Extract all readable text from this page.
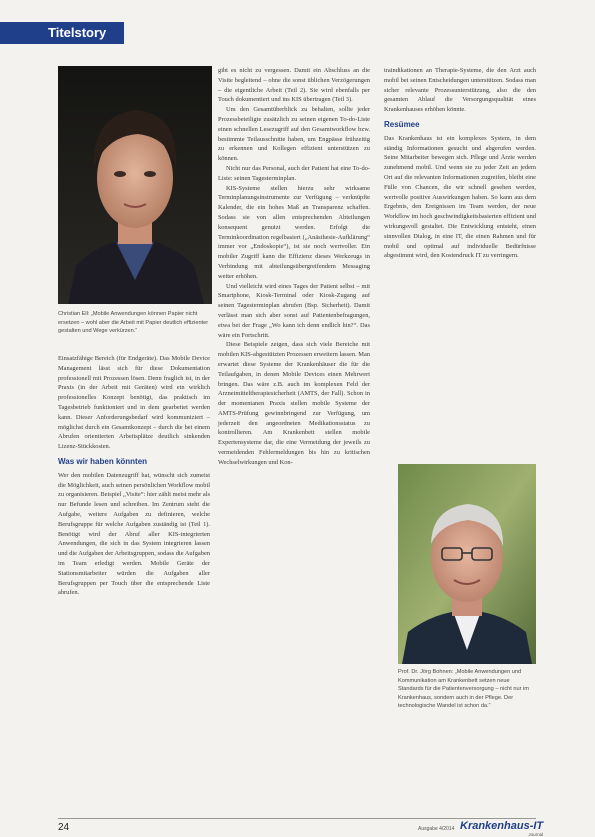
Titelstory
Christian Ell: „Mobile Anwendungen können Papier nicht ersetzen – wohl aber die Arbeit mit Papier deutlich effizienter gestalten und Wege verkürzen.“

Einsatzfähige Bereich (für Endgeräte). Das Mobile Device Management lässt sich für diese Dokumentation professionell mit Prozessen lösen. Denn fraglich ist, in der Praxis (in der Arbeit mit Geräten) wird ein wirklich professionelles Konzept benötigt, das praktisch im Tagesbetrieb funktioniert und in dem gearbeitet werden kann. Dieser Anforderungsbedarf wird kommuniziert – möglichst durch ein Gesamtkonzept – durch die bei einem Abrufen orientierten Arbeitsplätze deutlich sinkenden Lizenz-Stückkosten.

Was wir haben könnten

Wer den mobilen Datenzugriff hat, wünscht sich zumeist die Möglichkeit, auch seinen persönlichen Workflow mobil zu organisieren. Beispiel „Visite“: hier zählt meist mehr als nur Befunde lesen und schreiben. Im Zentrum steht die Aufgabe, weitere Aufgaben zu definieren, welche Berufsgruppe für welche Aufgaben zuständig ist (Teil 1). Benötigt wird der Abruf aller KIS-integrierten Anwendungen, die sich in das System integrieren lassen und die Aufgaben der Arbeitsgruppen, sodass die Aufgaben im Team erledigt werden. Mobile Geräte der Stationsmitarbeiter würden die Aufgaben aller Berufsgruppen per Touch über die entsprechende Liste abrufen.

gibt es nicht zu vergessen. Damit ein Abschluss an die Visite begleitend – ohne die sonst üblichen Verzögerungen – die eigentliche Arbeit (Teil 2). Sie wird ebenfalls per Touch dokumentiert und ins KIS übertragen (Teil 3).

Um den Gesamtüberblick zu behalten, sollte jeder Prozessbeteiligte zusätzlich zu seinen eigenen To-do-Liste einen schnellen Lesezugriff auf den Gesamtworkflow bzw. bestimmte Teilausschnitte haben, um Engpässe frühzeitig zu erkennen und Kollegen effizient unterstützen zu können.

Nicht nur das Personal, auch der Patient hat eine To-do-Liste: seinen Tagesterminplan.

KIS-Systeme stellen hierzu sehr wirksame Terminplanungsinstrumente zur Verfügung – verknüpfte Kalender, die ein hohes Maß an Transparenz schaffen. Sodass sie von allen entsprechenden Abteilungen konsequent genutzt werden. Erfolgt die Terminkoordination regelbasiert („Anästhesie-Aufklärung“ immer vor „Endoskopie“), ist sie noch wertvoller. Ein mobiler Zugriff kann die Effizienz dieses Werkzeugs in Verbindung mit abteilungsübergreifendem Messaging weiter erhöhen.

Und vielleicht wird eines Tages der Patient selbst – mit Smartphone, Kiosk-Terminal oder Kiosk-Zugang auf seinen Tagesterminplan abrufen (Bsp. Sicherheit). Damit verlässt man sich aber sonst auf Patientenbefragungen, etwa bei der Frage „Wo kann ich denn endlich hin?“. Das wäre ein Fortschritt.

Diese Beispiele zeigen, dass sich viele Bereiche mit mobilen KIS-abgestützten Prozessen erweitern lassen. Man erwartet diese Systeme der Krankenhäuser die für die Teilaufgaben, in denen Mobile Devices einen Mehrwert bringen. Das wäre z.B. auch im komplexen Feld der Arzneimitteltherapiesicherheit (AMTS, der Fall). Schon in der momentanen Praxis stellen mobile Systeme der AMTS-Prüfung gewinnbringend zur Verfügung, um jederzeit den angeordneten Medikationsstatus zu kontrollieren. Am Krankenbett stellen mobile Expertensysteme dar, die eine Vermeidung der jeweils zu vermeidenden Fehlermeldungen bis hin zu kritischen Wechselwirkungen und Kon-

traindikationen an Therapie-Systeme, die den Arzt auch mobil bei seinen Entscheidungen unterstützen. Sodass man sicher relevante Prozessunterstützung, also die den gesamten Ablauf die Versorgungsqualität eines Krankenhauses erhöhen könnte.

Resümee

Das Krankenhaus ist ein komplexes System, in dem ständig Informationen gesucht und abgerufen werden. Seine Mitarbeiter bewegen sich. Pflege und Ärzte werden zunehmend mobil. Und wenn sie zu jeder Zeit an jedem Ort auf die relevanten Informationen zugreifen, bleibt eine Fülle von Chancen, die wir schnell gesehen werden, wertvolle positive Auswirkungen haben. So kann aus dem Ergebnis, den Ereignissen im Team werden, der neue Workflow im hoch geschwindigkeitsbasierten effizient und wirkungsvoll gestaltet. Die Entwicklung entsteht, einen sinnvollen Dialog, in eine IT, die einen Rahmen und für mobil und optimal auf individuelle Bedürfnisse abgestimmt wird, den Kostendruck IT zu verringern.

Prof. Dr. Jörg Bohnen: „Mobile Anwendungen und Kommunikation am Krankenbett setzen neue Standards für die Patientenversorgung – nicht nur im Krankenhaus, sondern auch in der Pflege. Der technologische Wandel ist schon da.“
24	Ausgabe 4/2014 Krankenhaus-IT
Journal
